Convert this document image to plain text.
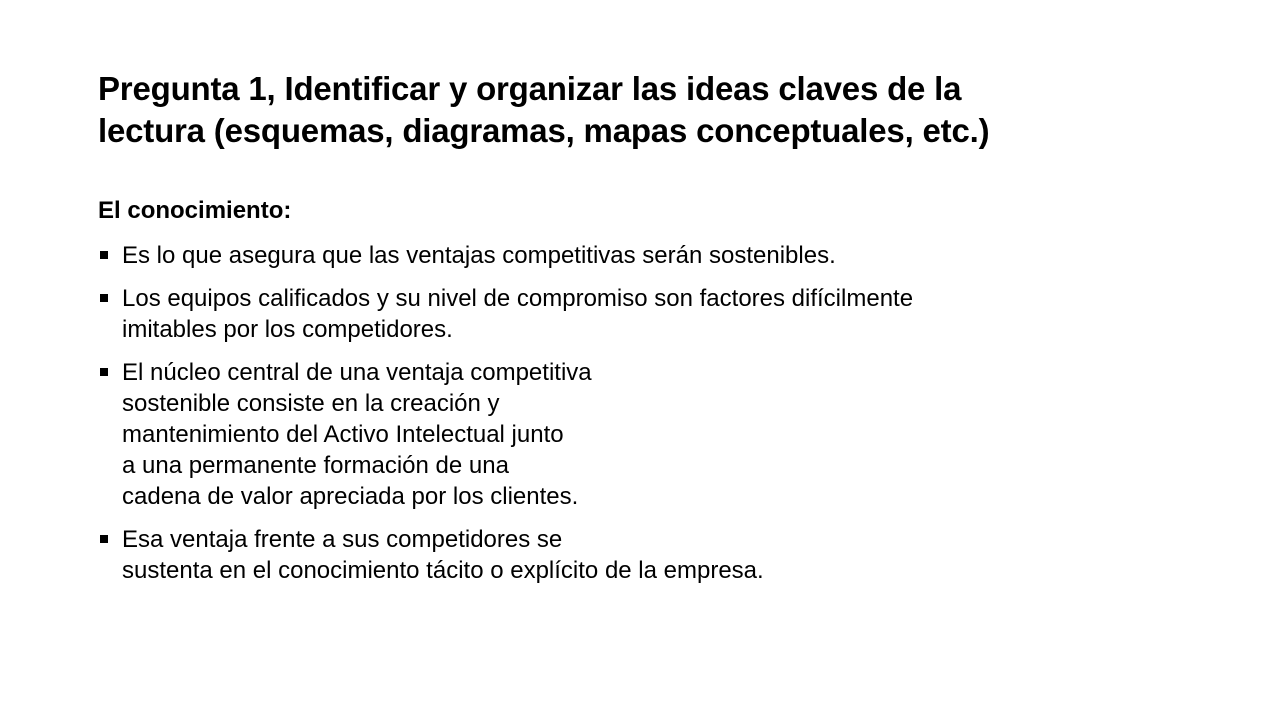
Pregunta 1, Identificar y organizar las ideas claves de la
lectura (esquemas, diagramas, mapas conceptuales, etc.)
El conocimiento:
Es lo que asegura que las ventajas competitivas serán sostenibles.
Los equipos calificados y su nivel de compromiso son factores difícilmente
imitables por los competidores.
El núcleo central de una ventaja competitiva
sostenible consiste en la creación y
mantenimiento del Activo Intelectual junto
a una permanente formación de una
cadena de valor apreciada por los clientes.
Esa ventaja frente a sus competidores se
sustenta en el conocimiento tácito o explícito de la empresa.
